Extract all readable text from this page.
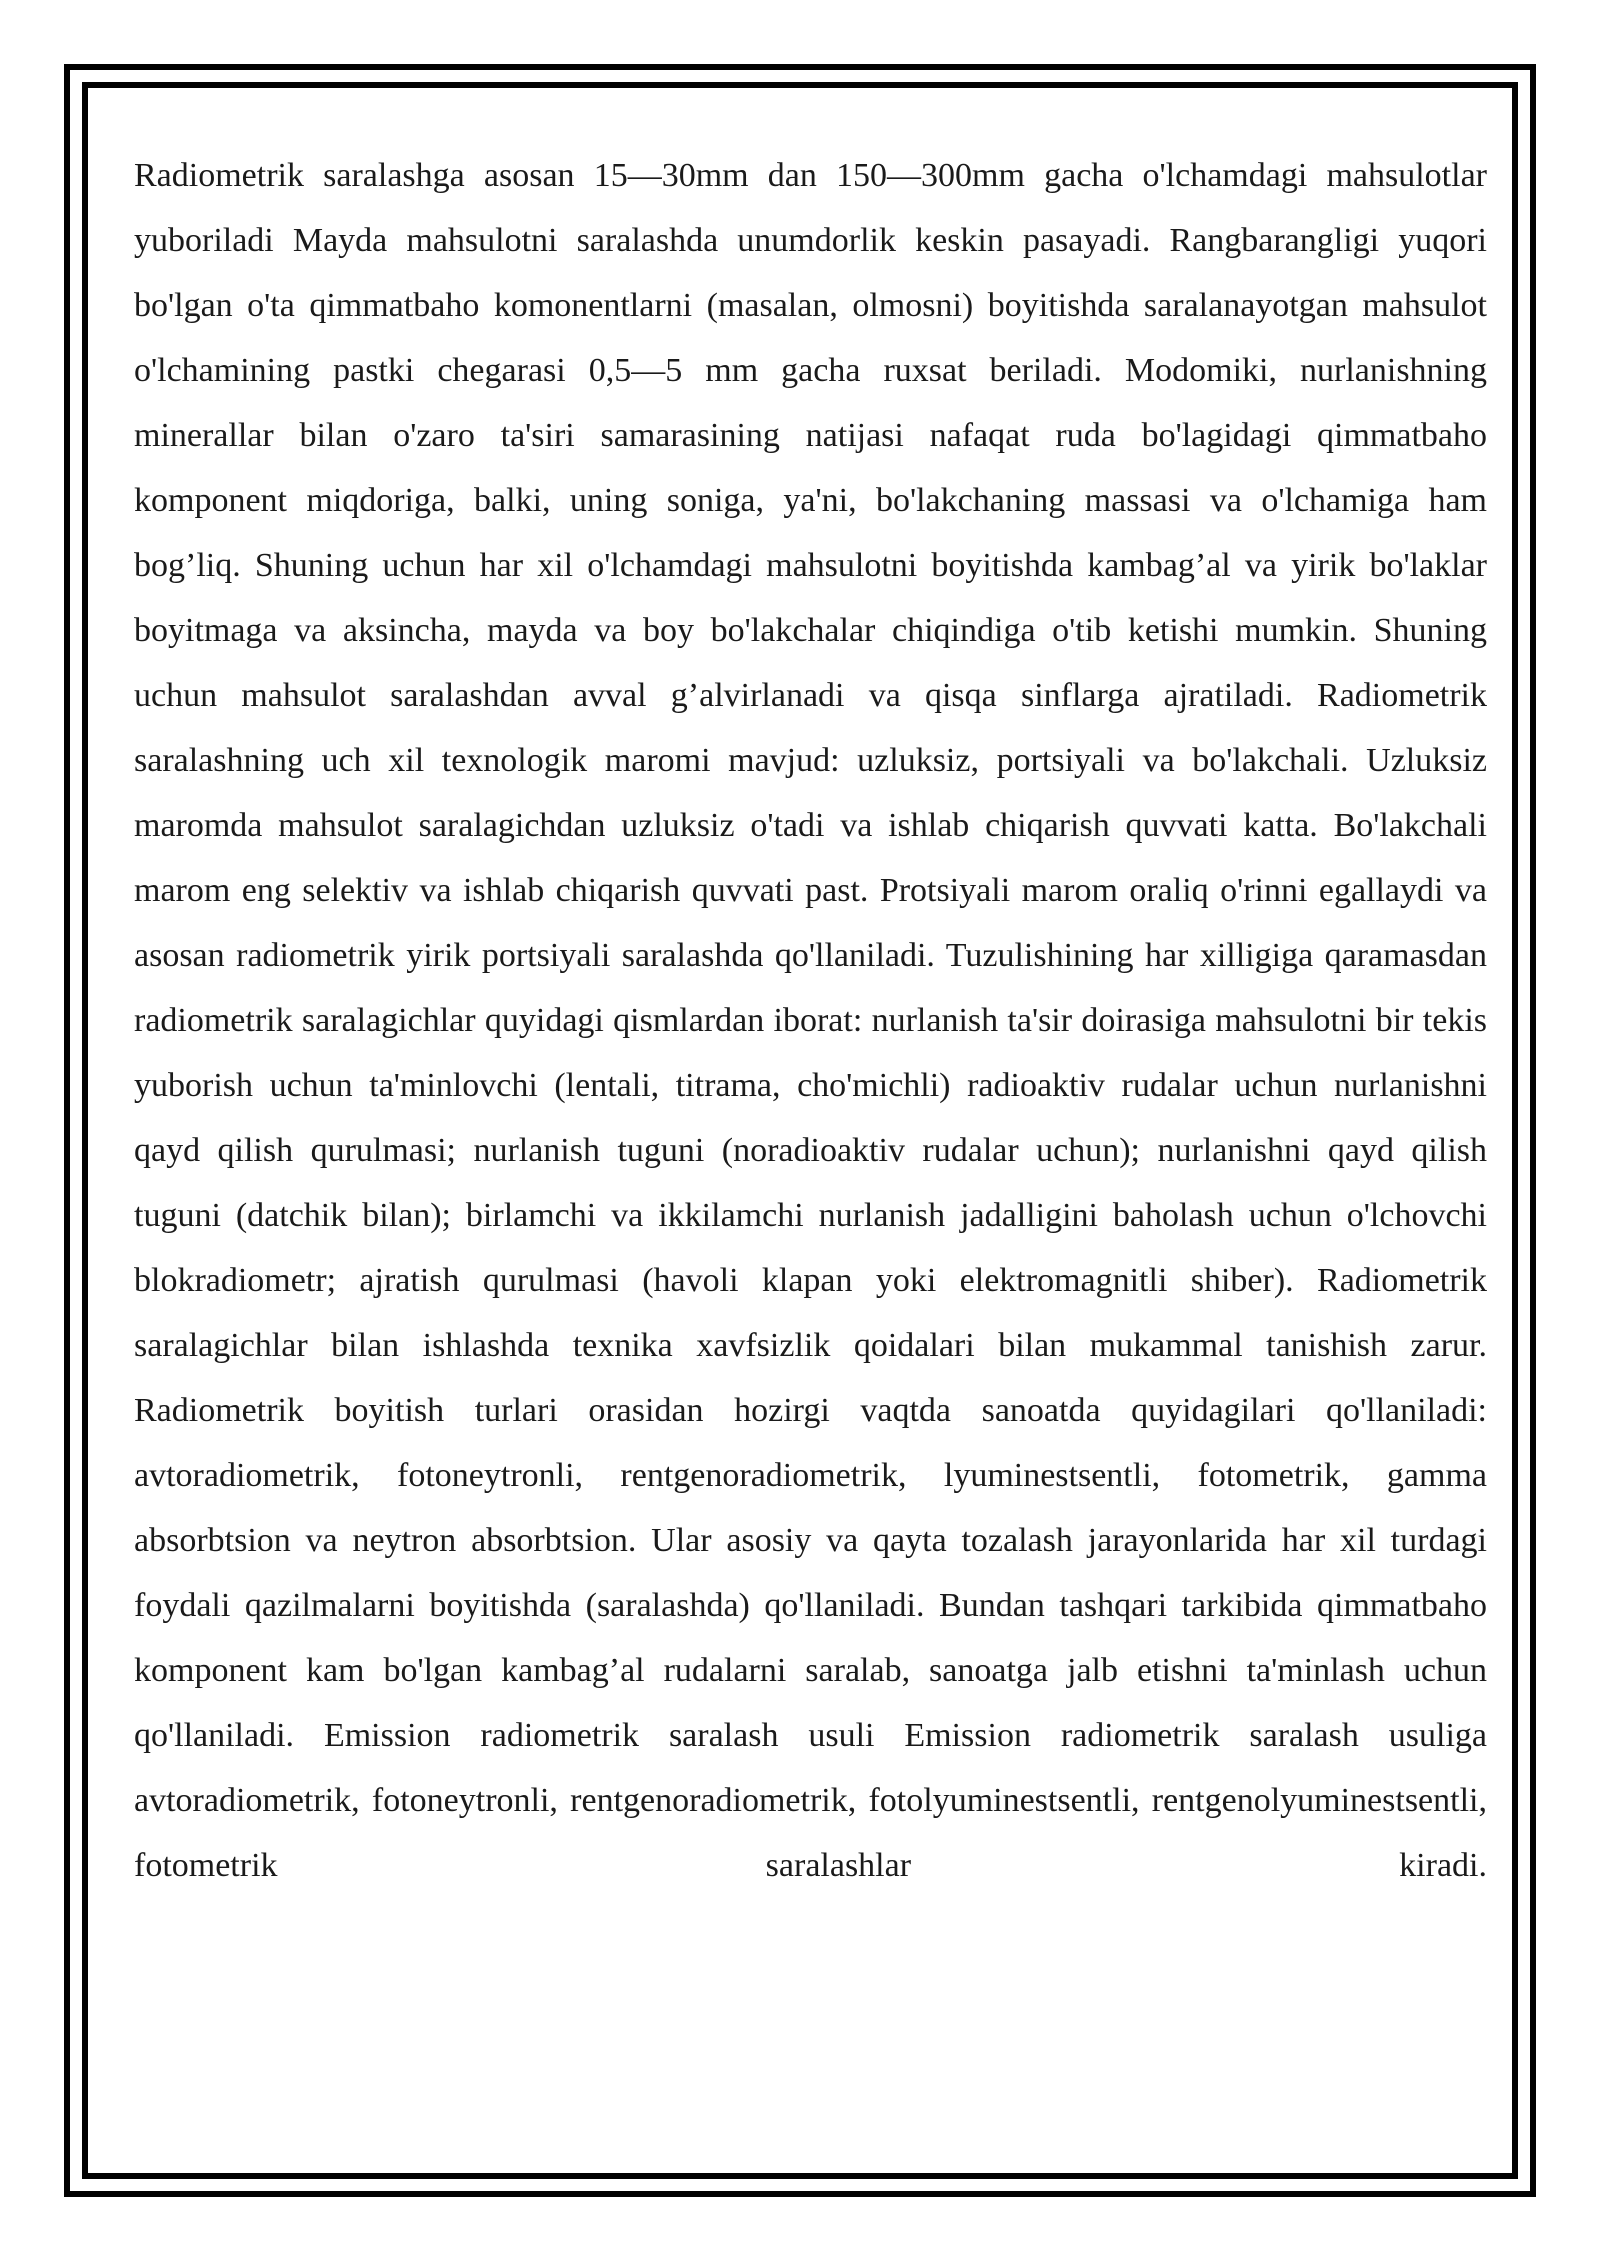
Radiometrik saralashga asosan 15—30mm dan 150—300mm gacha o'lchamdagi mahsulotlar yuboriladi Mayda mahsulotni saralashda unumdorlik keskin pasayadi. Rangbarangligi yuqori bo'lgan o'ta qimmatbaho komonentlarni (masalan, olmosni) boyitishda saralanayotgan mahsulot o'lchamining pastki chegarasi 0,5—5 mm gacha ruxsat beriladi. Modomiki, nurlanishning minerallar bilan o'zaro ta'siri samarasining natijasi nafaqat ruda bo'lagidagi qimmatbaho komponent miqdoriga, balki, uning soniga, ya'ni, bo'lakchaning massasi va o'lchamiga ham bog’liq. Shuning uchun har xil o'lchamdagi mahsulotni boyitishda kambag’al va yirik bo'laklar boyitmaga va aksincha, mayda va boy bo'lakchalar chiqindiga o'tib ketishi mumkin. Shuning uchun mahsulot saralashdan avval g’alvirlanadi va qisqa sinflarga ajratiladi. Radiometrik saralashning uch xil texnologik maromi mavjud: uzluksiz, portsiyali va bo'lakchali. Uzluksiz maromda mahsulot saralagichdan uzluksiz o'tadi va ishlab chiqarish quvvati katta. Bo'lakchali marom eng selektiv va ishlab chiqarish quvvati past. Protsiyali marom oraliq o'rinni egallaydi va asosan radiometrik yirik portsiyali saralashda qo'llaniladi. Tuzulishining har xilligiga qaramasdan radiometrik saralagichlar quyidagi qismlardan iborat: nurlanish ta'sir doirasiga mahsulotni bir tekis yuborish uchun ta'minlovchi (lentali, titrama, cho'michli) radioaktiv rudalar uchun nurlanishni qayd qilish qurulmasi; nurlanish tuguni (noradioaktiv rudalar uchun); nurlanishni qayd qilish tuguni (datchik bilan); birlamchi va ikkilamchi nurlanish jadalligini baholash uchun o'lchovchi blokradiometr; ajratish qurulmasi (havoli klapan yoki elektromagnitli shiber). Radiometrik saralagichlar bilan ishlashda texnika xavfsizlik qoidalari bilan mukammal tanishish zarur. Radiometrik boyitish turlari orasidan hozirgi vaqtda sanoatda quyidagilari qo'llaniladi: avtoradiometrik, fotoneytronli, rentgenoradiometrik, lyuminestsentli, fotometrik, gamma absorbtsion va neytron absorbtsion. Ular asosiy va qayta tozalash jarayonlarida har xil turdagi foydali qazilmalarni boyitishda (saralashda) qo'llaniladi. Bundan tashqari tarkibida qimmatbaho komponent kam bo'lgan kambag’al rudalarni saralab, sanoatga jalb etishni ta'minlash uchun qo'llaniladi. Emission radiometrik saralash usuli Emission radiometrik saralash usuliga avtoradiometrik, fotoneytronli, rentgenoradiometrik, fotolyuminestsentli, rentgenolyuminestsentli, fotometrik saralashlar kiradi.
